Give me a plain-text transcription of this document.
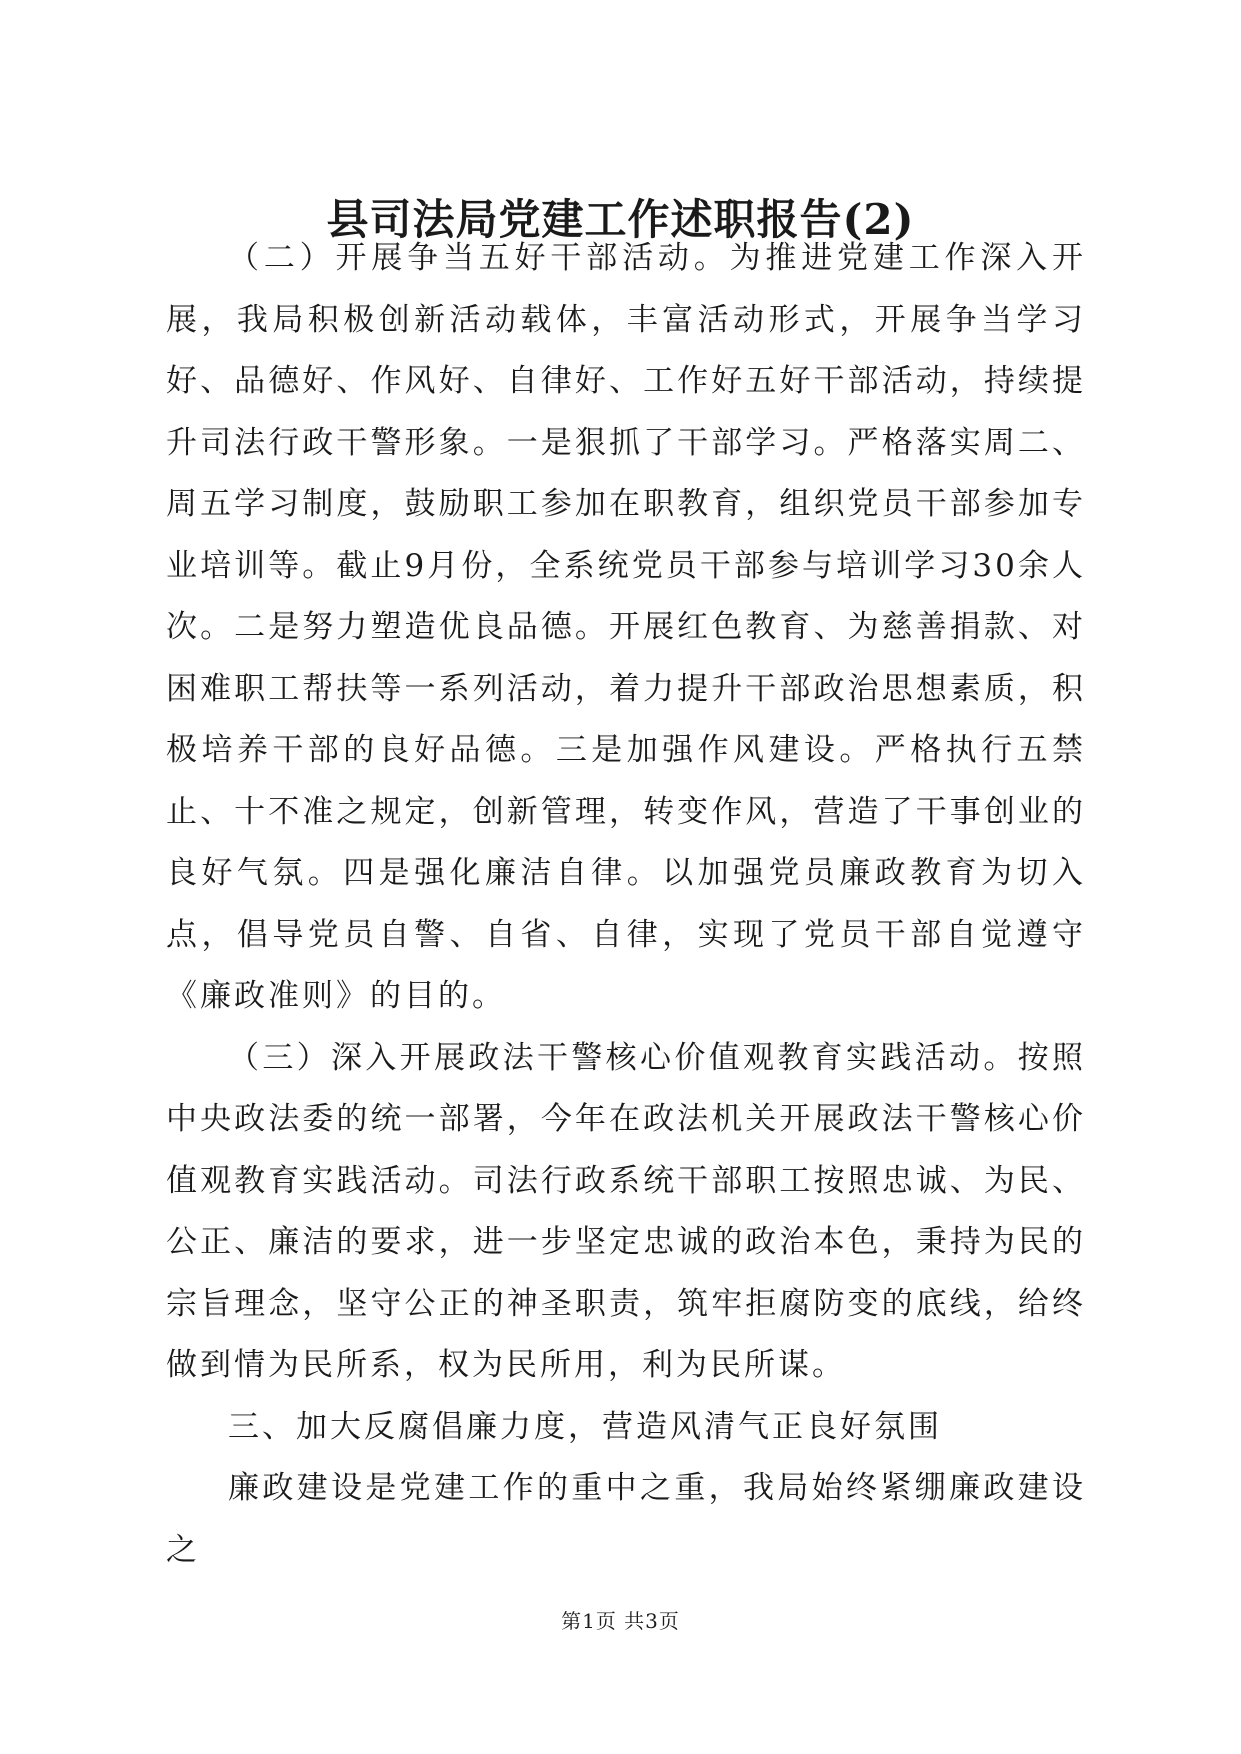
县司法局党建工作述职报告(2)

（二）开展争当五好干部活动。为推进党建工作深入开展，我局积极创新活动载体，丰富活动形式，开展争当学习好、品德好、作风好、自律好、工作好五好干部活动，持续提升司法行政干警形象。一是狠抓了干部学习。严格落实周二、周五学习制度，鼓励职工参加在职教育，组织党员干部参加专业培训等。截止9月份，全系统党员干部参与培训学习30余人次。二是努力塑造优良品德。开展红色教育、为慈善捐款、对困难职工帮扶等一系列活动，着力提升干部政治思想素质，积极培养干部的良好品德。三是加强作风建设。严格执行五禁止、十不准之规定，创新管理，转变作风，营造了干事创业的良好气氛。四是强化廉洁自律。以加强党员廉政教育为切入点，倡导党员自警、自省、自律，实现了党员干部自觉遵守《廉政准则》的目的。

（三）深入开展政法干警核心价值观教育实践活动。按照中央政法委的统一部署，今年在政法机关开展政法干警核心价值观教育实践活动。司法行政系统干部职工按照忠诚、为民、公正、廉洁的要求，进一步坚定忠诚的政治本色，秉持为民的宗旨理念，坚守公正的神圣职责，筑牢拒腐防变的底线，给终做到情为民所系，权为民所用，利为民所谋。

三、加大反腐倡廉力度，营造风清气正良好氛围

廉政建设是党建工作的重中之重，我局始终紧绷廉政建设之

第1页 共3页
